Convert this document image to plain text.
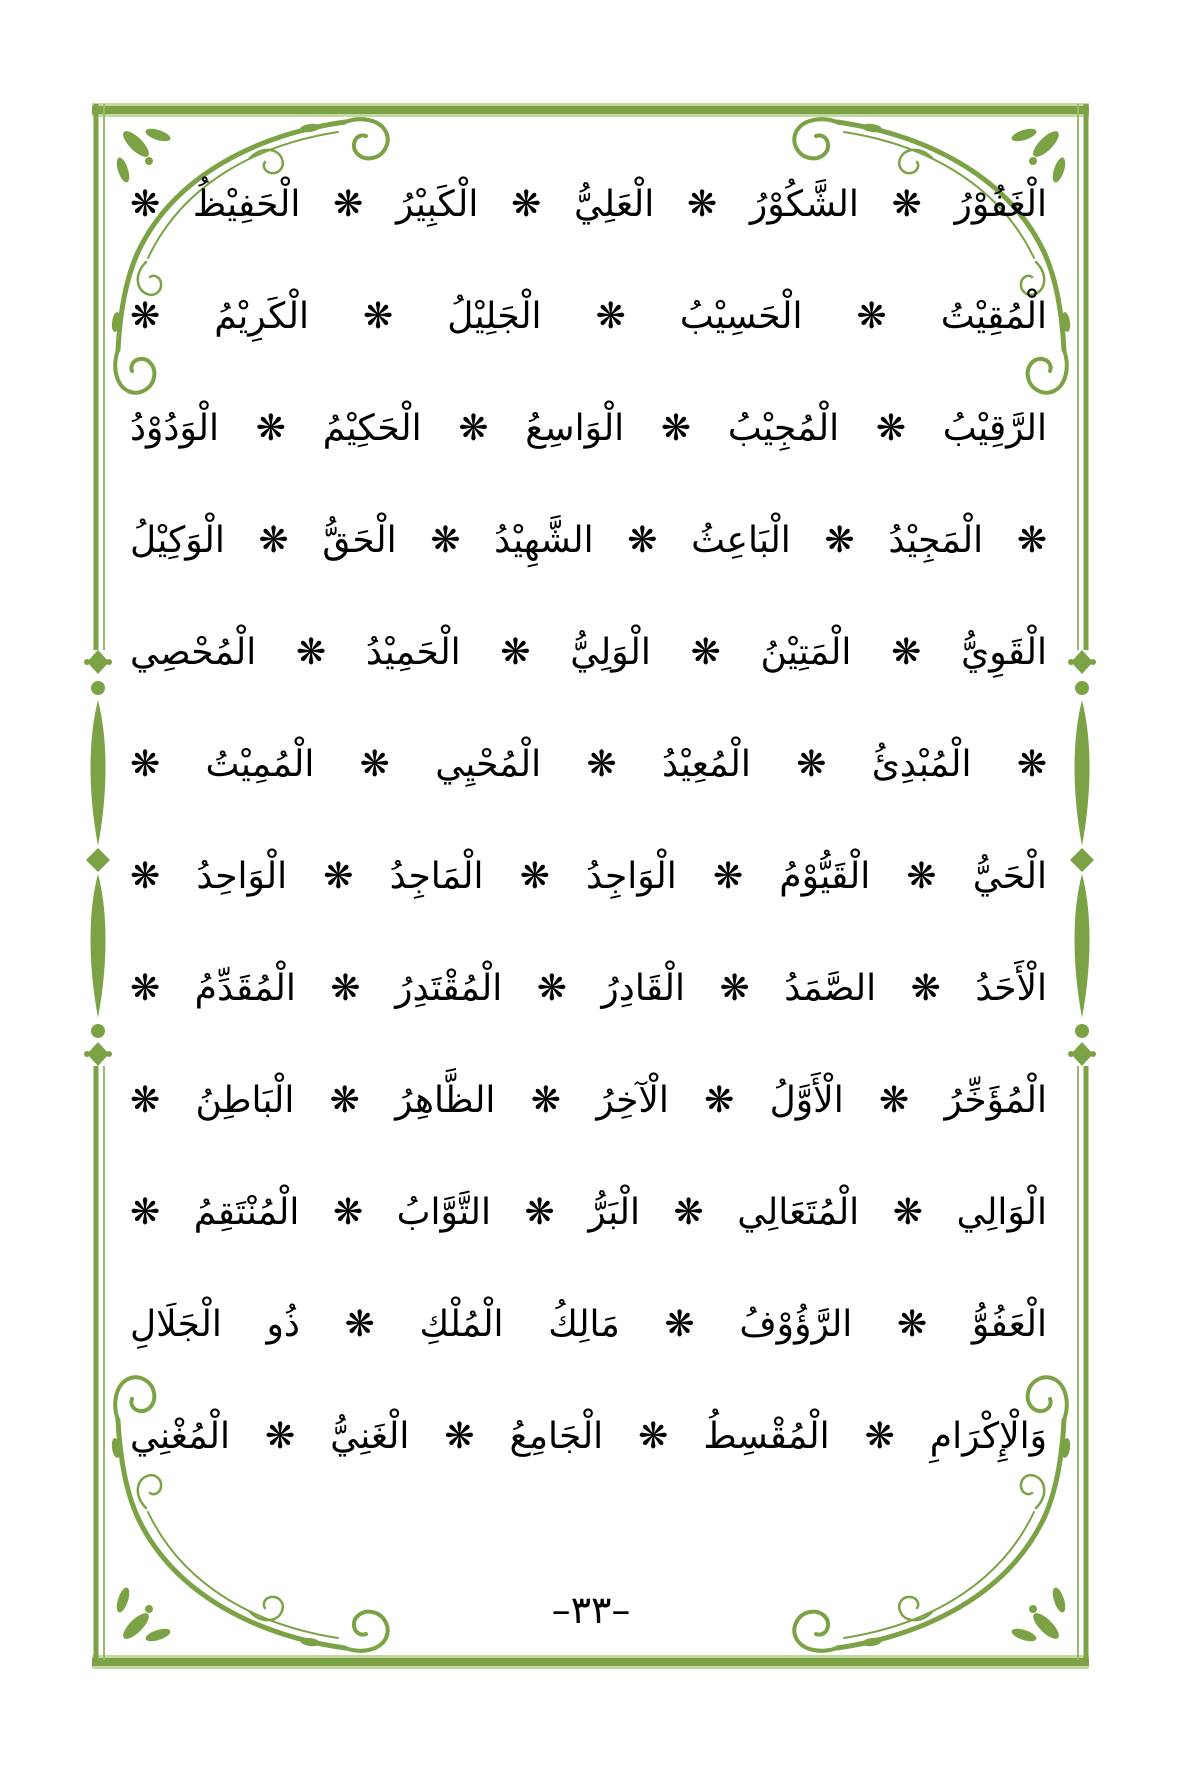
الْغَفُوْرُ ❋ الشَّكُوْرُ ❋ الْعَلِيُّ ❋ الْكَبِيْرُ ❋ الْحَفِيْظُ ❋
الْمُقِيْتُ ❋ الْحَسِيْبُ ❋ الْجَلِيْلُ ❋ الْكَرِيْمُ ❋
الرَّقِيْبُ ❋ الْمُجِيْبُ ❋ الْوَاسِعُ ❋ الْحَكِيْمُ ❋ الْوَدُوْدُ
❋ الْمَجِيْدُ ❋ الْبَاعِثُ ❋ الشَّهِيْدُ ❋ الْحَقُّ ❋ الْوَكِيْلُ
الْقَوِيُّ ❋ الْمَتِيْنُ ❋ الْوَلِيُّ ❋ الْحَمِيْدُ ❋ الْمُحْصِي
❋ الْمُبْدِئُ ❋ الْمُعِيْدُ ❋ الْمُحْيِي ❋ الْمُمِيْتُ ❋
الْحَيُّ ❋ الْقَيُّوْمُ ❋ الْوَاجِدُ ❋ الْمَاجِدُ ❋ الْوَاحِدُ ❋
الْأَحَدُ ❋ الصَّمَدُ ❋ الْقَادِرُ ❋ الْمُقْتَدِرُ ❋ الْمُقَدِّمُ ❋
الْمُؤَخِّرُ ❋ الْأَوَّلُ ❋ الْآخِرُ ❋ الظَّاهِرُ ❋ الْبَاطِنُ ❋
الْوَالِي ❋ الْمُتَعَالِي ❋ الْبَرُّ ❋ التَّوَّابُ ❋ الْمُنْتَقِمُ ❋
الْعَفُوُّ ❋ الرَّؤُوْفُ ❋ مَالِكُ الْمُلْكِ ❋ ذُو الْجَلَالِ
وَالْإِكْرَامِ ❋ الْمُقْسِطُ ❋ الْجَامِعُ ❋ الْغَنِيُّ ❋ الْمُغْنِي
–٣٣–
